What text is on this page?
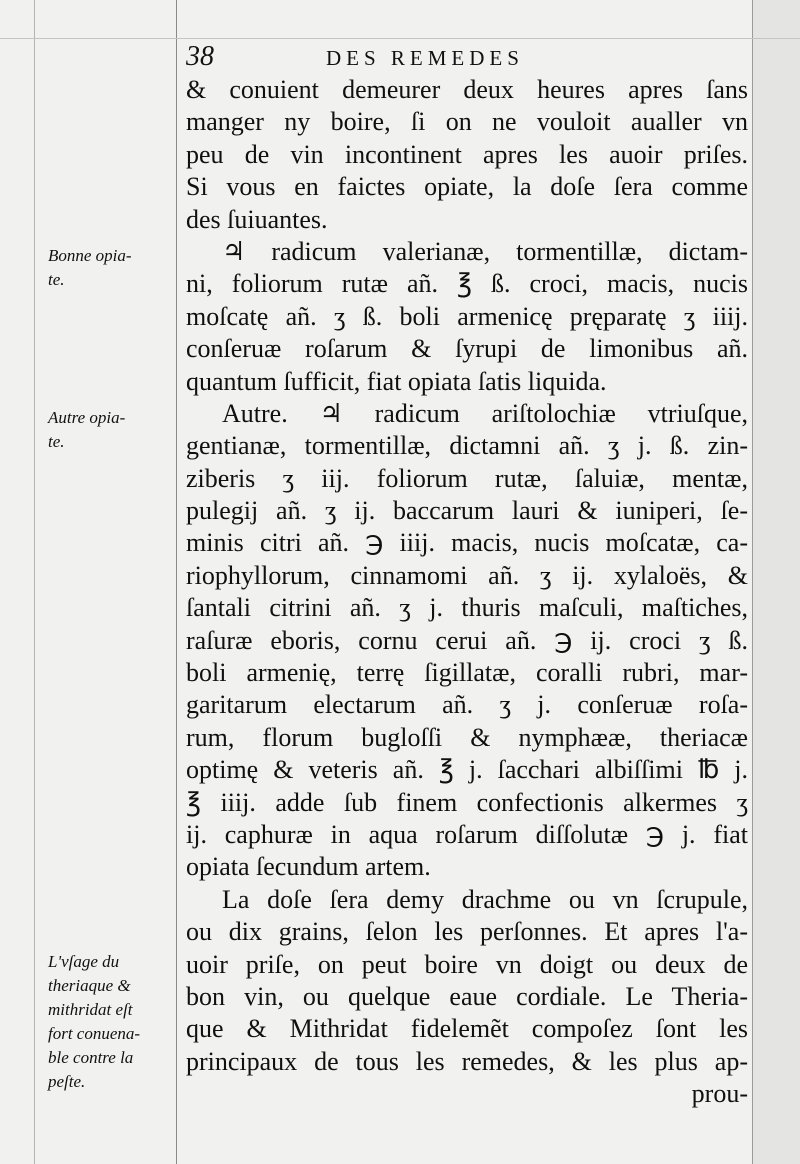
38	DES REMEDES
& conuient demeurer deux heures apres ſans
manger ny boire, ſi on ne vouloit aualler vn
peu de vin incontinent apres les auoir priſes.
Si vous en faictes opiate, la doſe ſera comme
des ſuiuantes.
♃ radicum valerianæ, tormentillæ, dictam-
ni, foliorum rutæ añ. ℥ ß. croci, macis, nucis
moſcatę añ. ʒ ß. boli armenicę pręparatę ʒ iiij.
conſeruæ roſarum & ſyrupi de limonibus añ.
quantum ſufficit, fiat opiata ſatis liquida.
Autre. ♃ radicum ariſtolochiæ vtriuſque,
gentianæ, tormentillæ, dictamni añ. ʒ j. ß. zin-
ziberis ʒ iij. foliorum rutæ, ſaluiæ, mentæ,
pulegij añ. ʒ ij. baccarum lauri & iuniperi, ſe-
minis citri añ. ℈ iiij. macis, nucis moſcatæ, ca-
riophyllorum, cinnamomi añ. ʒ ij. xylaloës, &
ſantali citrini añ. ʒ j. thuris maſculi, maſtiches,
raſuræ eboris, cornu cerui añ. ℈ ij. croci ʒ ß.
boli armenię, terrę ſigillatæ, coralli rubri, mar-
garitarum electarum añ. ʒ j. conſeruæ roſa-
rum, florum bugloſſi & nymphææ, theriacæ
optimę & veteris añ. ℥ j. ſacchari albiſſimi ℔ j.
℥ iiij. adde ſub finem confectionis alkermes ʒ
ij. caphuræ in aqua roſarum diſſolutæ ℈ j. fiat
opiata ſecundum artem.
La doſe ſera demy drachme ou vn ſcrupule,
ou dix grains, ſelon les perſonnes. Et apres l'a-
uoir priſe, on peut boire vn doigt ou deux de
bon vin, ou quelque eaue cordiale. Le Theria-
que & Mithridat fidelemẽt compoſez ſont les
principaux de tous les remedes, & les plus ap-
prou-
Bonne opia-
te.
Autre opia-
te.
L'vſage du
theriaque &
mithridat eſt
fort conuena-
ble contre la
peſte.
